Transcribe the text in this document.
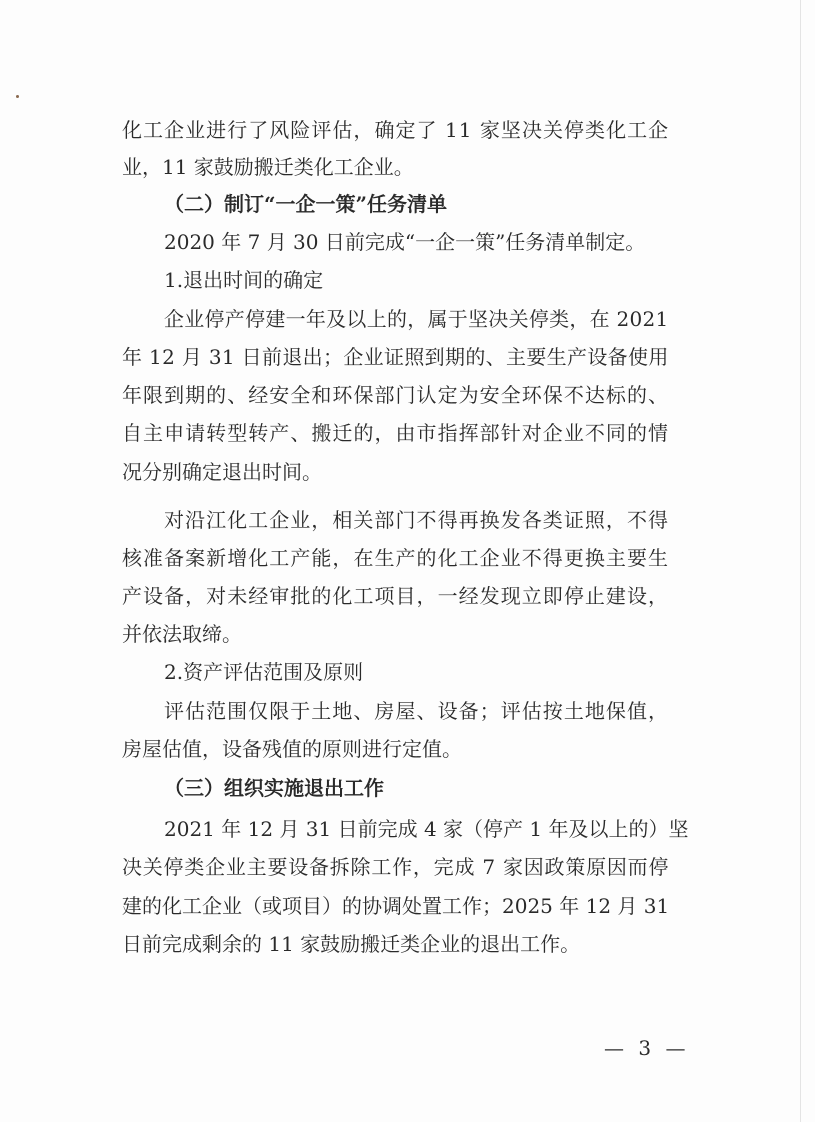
化工企业进行了风险评估，确定了 11 家坚决关停类化工企
业，11 家鼓励搬迁类化工企业。
（二）制订“一企一策”任务清单
2020 年 7 月 30 日前完成“一企一策”任务清单制定。
1.退出时间的确定
企业停产停建一年及以上的，属于坚决关停类，在 2021
年 12 月 31 日前退出；企业证照到期的、主要生产设备使用
年限到期的、经安全和环保部门认定为安全环保不达标的、
自主申请转型转产、搬迁的，由市指挥部针对企业不同的情
况分别确定退出时间。
对沿江化工企业，相关部门不得再换发各类证照，不得
核准备案新增化工产能，在生产的化工企业不得更换主要生
产设备，对未经审批的化工项目，一经发现立即停止建设，
并依法取缔。
2.资产评估范围及原则
评估范围仅限于土地、房屋、设备；评估按土地保值，
房屋估值，设备残值的原则进行定值。
（三）组织实施退出工作
2021 年 12 月 31 日前完成 4 家（停产 1 年及以上的）坚
决关停类企业主要设备拆除工作，完成 7 家因政策原因而停
建的化工企业（或项目）的协调处置工作；2025 年 12 月 31
日前完成剩余的 11 家鼓励搬迁类企业的退出工作。
— 3 —
